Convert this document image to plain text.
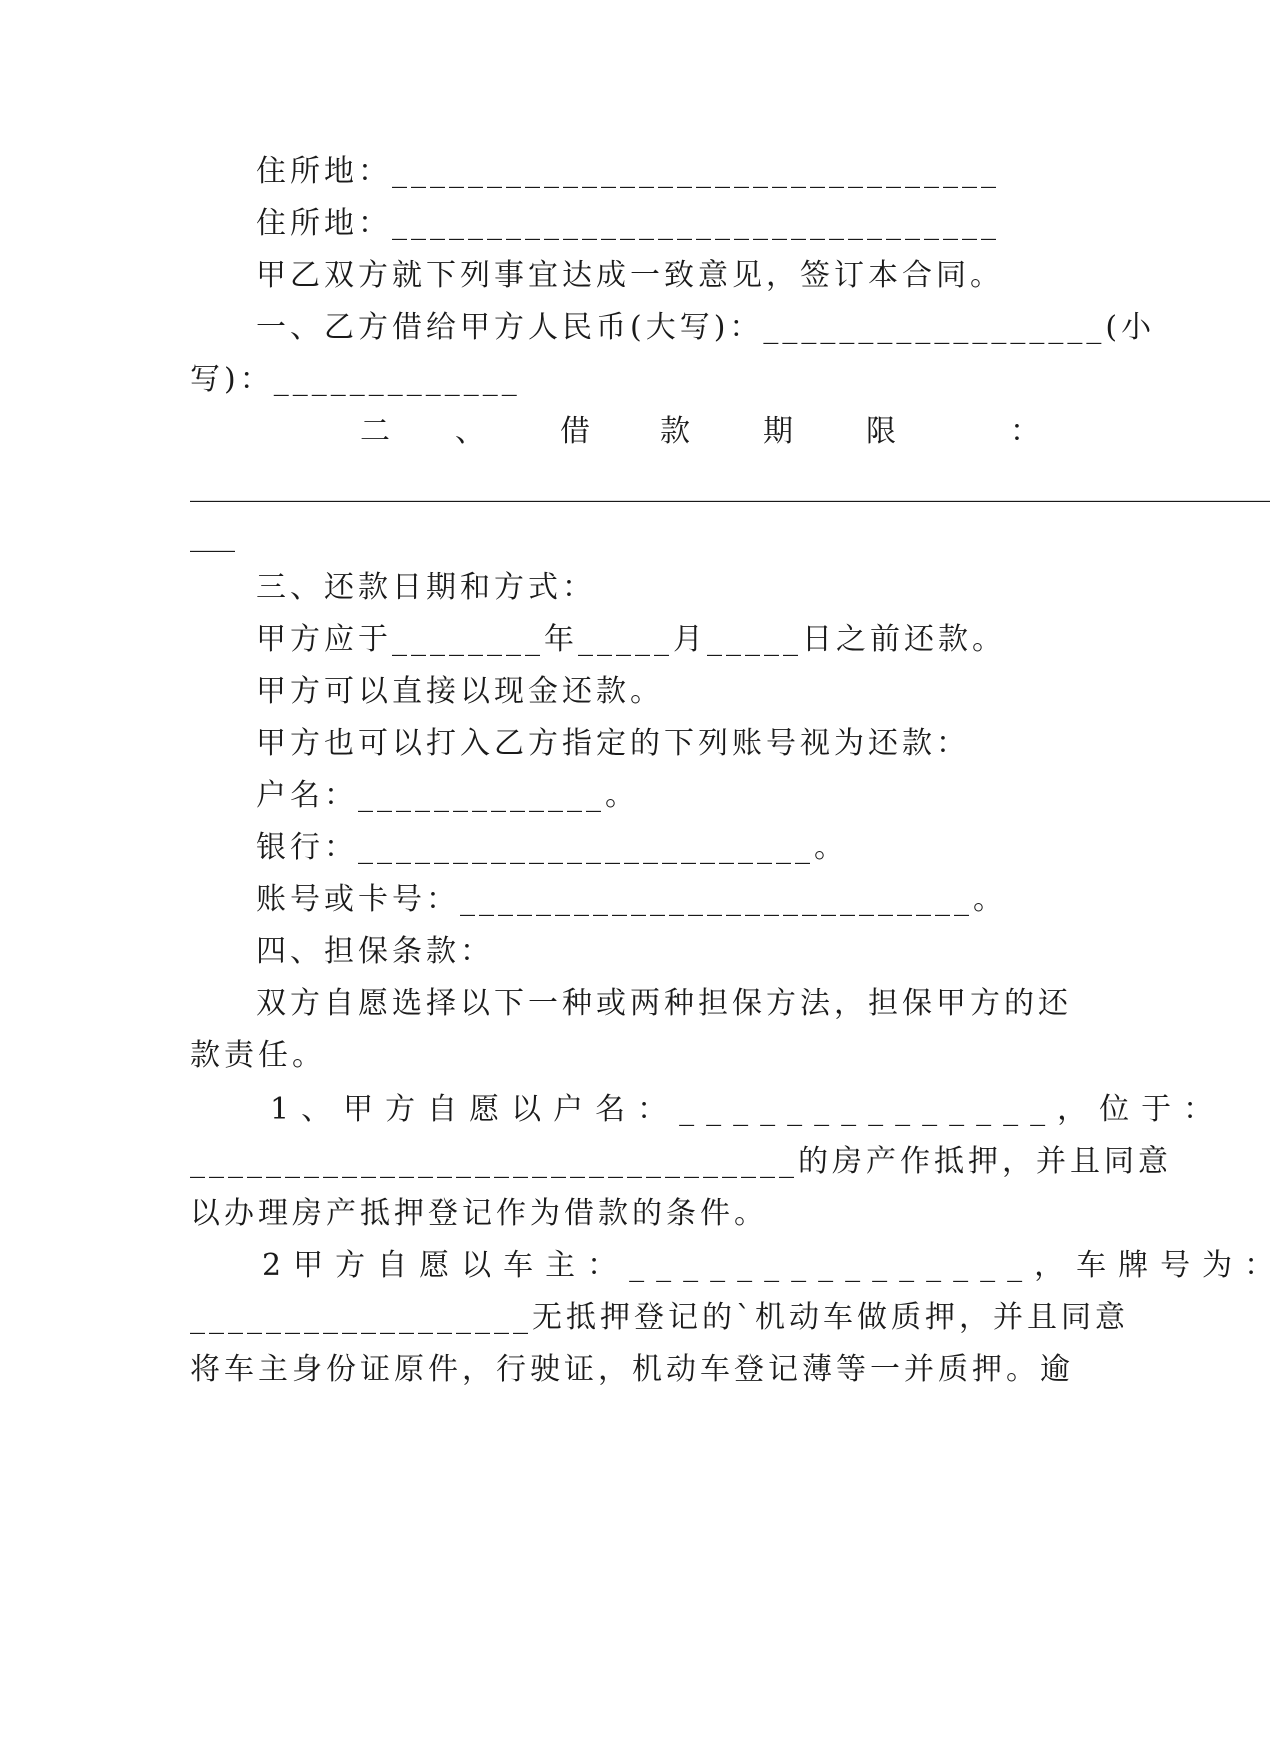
住所地：________________________________
住所地：________________________________
甲乙双方就下列事宜达成一致意见，签订本合同。
一、乙方借给甲方人民币(大写)：__________________(小
写)：_____________
二 、	借 款 期 限	：
________________________________________________________________________
___
三、还款日期和方式：
甲方应于________年_____月_____日之前还款。
甲方可以直接以现金还款。
甲方也可以打入乙方指定的下列账号视为还款：
户名：_____________。
银行：________________________。
账号或卡号：___________________________。
四、担保条款：
双方自愿选择以下一种或两种担保方法，担保甲方的还
款责任。
1、甲方自愿以户名：______________，位于：
________________________________的房产作抵押，并且同意
以办理房产抵押登记作为借款的条件。
2甲方自愿以车主：_______________，车牌号为：
__________________无抵押登记的`机动车做质押，并且同意
将车主身份证原件，行驶证，机动车登记薄等一并质押。逾
